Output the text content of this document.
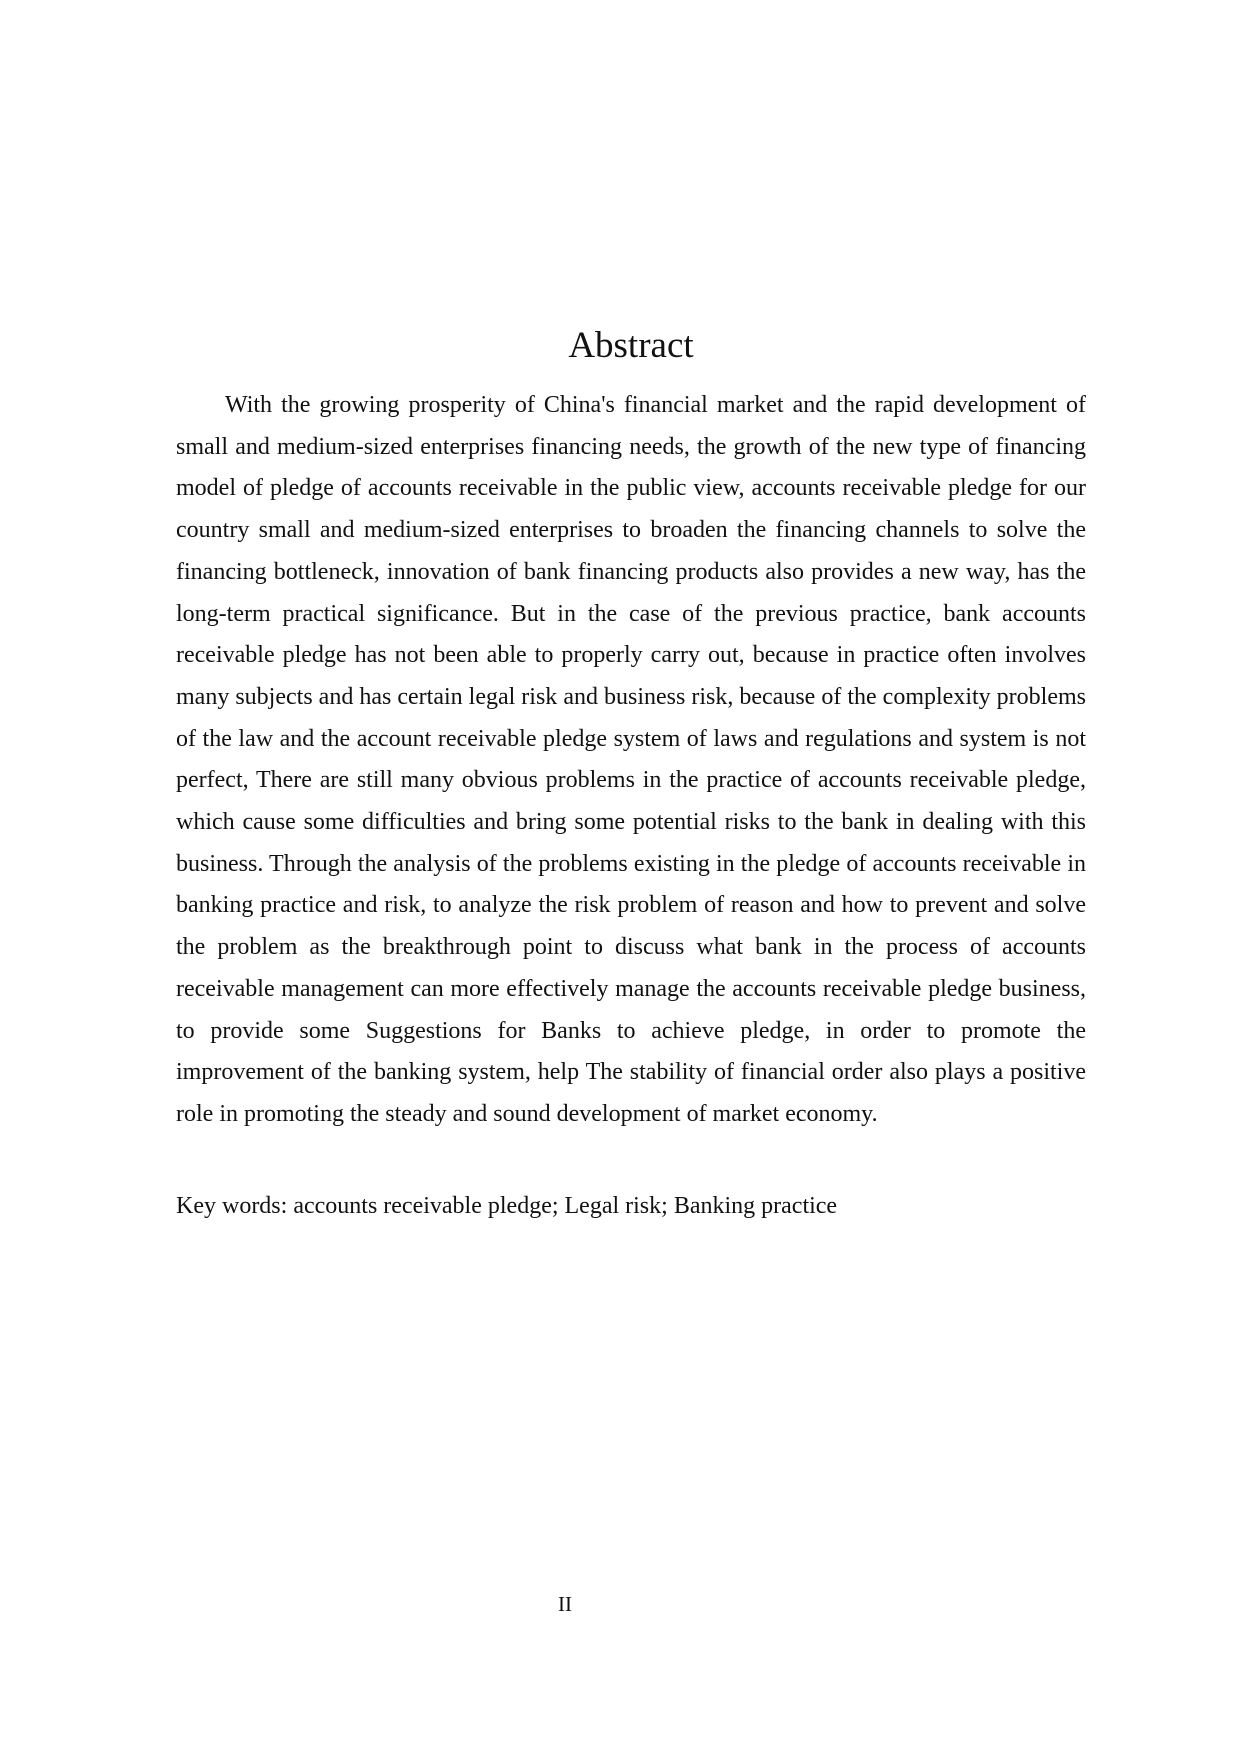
Abstract

With the growing prosperity of China's financial market and the rapid development of small and medium-sized enterprises financing needs, the growth of the new type of financing model of pledge of accounts receivable in the public view, accounts receivable pledge for our country small and medium-sized enterprises to broaden the financing channels to solve the financing bottleneck, innovation of bank financing products also provides a new way, has the long-term practical significance. But in the case of the previous practice, bank accounts receivable pledge has not been able to properly carry out, because in practice often involves many subjects and has certain legal risk and business risk, because of the complexity problems of the law and the account receivable pledge system of laws and regulations and system is not perfect, There are still many obvious problems in the practice of accounts receivable pledge, which cause some difficulties and bring some potential risks to the bank in dealing with this business. Through the analysis of the problems existing in the pledge of accounts receivable in banking practice and risk, to analyze the risk problem of reason and how to prevent and solve the problem as the breakthrough point to discuss what bank in the process of accounts receivable management can more effectively manage the accounts receivable pledge business, to provide some Suggestions for Banks to achieve pledge, in order to promote the improvement of the banking system, help The stability of financial order also plays a positive role in promoting the steady and sound development of market economy.

Key words: accounts receivable pledge; Legal risk; Banking practice

II
